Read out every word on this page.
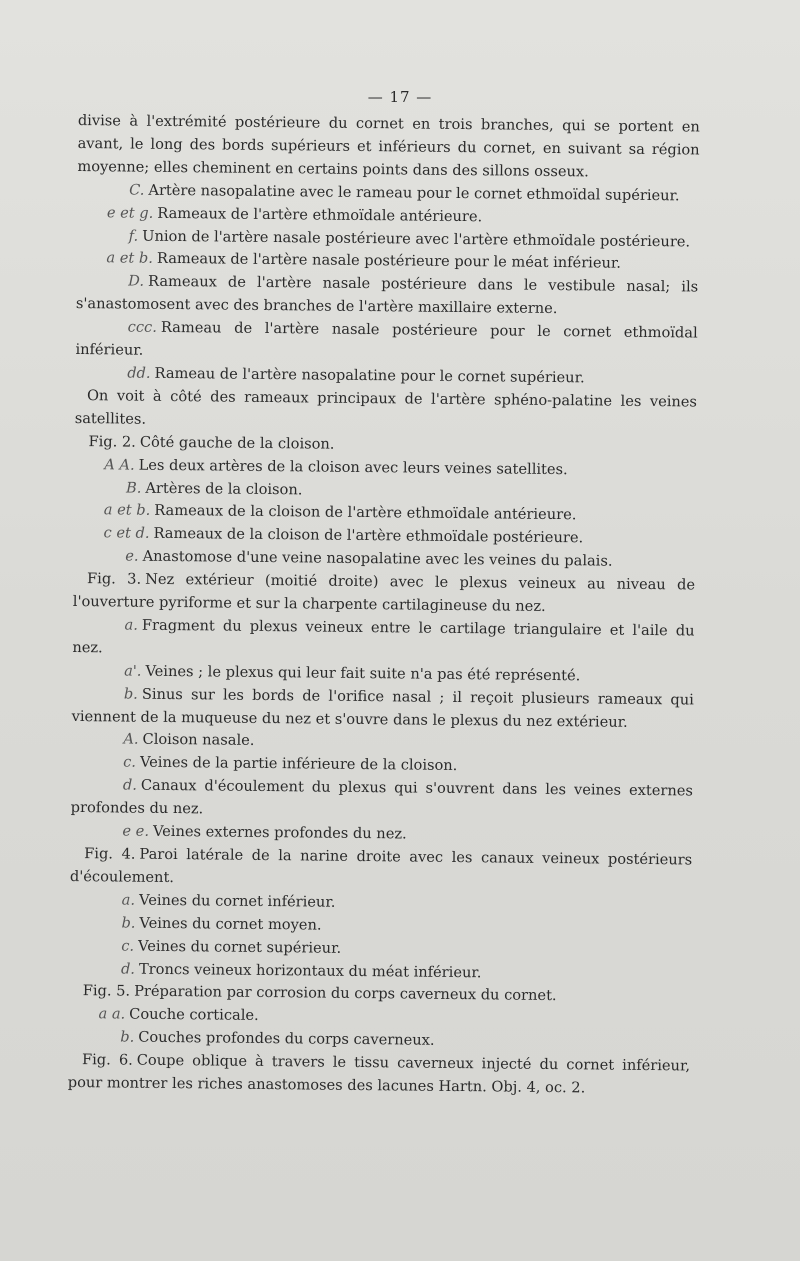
— 17 —

divise à l'extrémité postérieure du cornet en trois branches, qui se portent en avant, le long des bords supérieurs et inférieurs du cornet, en suivant sa région moyenne; elles cheminent en certains points dans des sillons osseux.

C. Artère nasopalatine avec le rameau pour le cornet ethmoïdal supérieur.

e et g. Rameaux de l'artère ethmoïdale antérieure.

f. Union de l'artère nasale postérieure avec l'artère ethmoïdale postérieure.

a et b. Rameaux de l'artère nasale postérieure pour le méat inférieur.

D. Rameaux de l'artère nasale postérieure dans le vestibule nasal; ils s'anastomosent avec des branches de l'artère maxillaire externe.

ccc. Rameau de l'artère nasale postérieure pour le cornet ethmoïdal inférieur.

dd. Rameau de l'artère nasopalatine pour le cornet supérieur.

On voit à côté des rameaux principaux de l'artère sphéno-palatine les veines satellites.

Fig. 2. Côté gauche de la cloison.

A A. Les deux artères de la cloison avec leurs veines satellites.

B. Artères de la cloison.

a et b. Rameaux de la cloison de l'artère ethmoïdale antérieure.

c et d. Rameaux de la cloison de l'artère ethmoïdale postérieure.

e. Anastomose d'une veine nasopalatine avec les veines du palais.

Fig. 3. Nez extérieur (moitié droite) avec le plexus veineux au niveau de l'ouverture pyriforme et sur la charpente cartilagineuse du nez.

a. Fragment du plexus veineux entre le cartilage triangulaire et l'aile du nez.

a'. Veines ; le plexus qui leur fait suite n'a pas été représenté.

b. Sinus sur les bords de l'orifice nasal ; il reçoit plusieurs rameaux qui viennent de la muqueuse du nez et s'ouvre dans le plexus du nez extérieur.

A. Cloison nasale.

c. Veines de la partie inférieure de la cloison.

d. Canaux d'écoulement du plexus qui s'ouvrent dans les veines externes profondes du nez.

e e. Veines externes profondes du nez.

Fig. 4. Paroi latérale de la narine droite avec les canaux veineux postérieurs d'écoulement.

a. Veines du cornet inférieur.

b. Veines du cornet moyen.

c. Veines du cornet supérieur.

d. Troncs veineux horizontaux du méat inférieur.

Fig. 5. Préparation par corrosion du corps caverneux du cornet.

a a. Couche corticale.

b. Couches profondes du corps caverneux.

Fig. 6. Coupe oblique à travers le tissu caverneux injecté du cornet inférieur, pour montrer les riches anastomoses des lacunes Hartn. Obj. 4, oc. 2.
